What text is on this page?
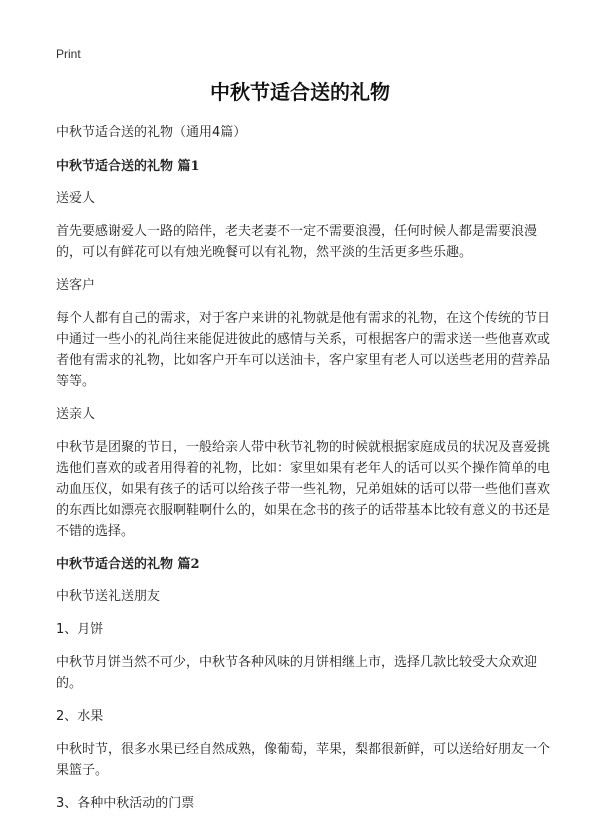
Print
中秋节适合送的礼物

中秋节适合送的礼物（通用4篇）

中秋节适合送的礼物 篇1

送爱人

首先要感谢爱人一路的陪伴，老夫老妻不一定不需要浪漫，任何时候人都是需要浪漫的，可以有鲜花可以有烛光晚餐可以有礼物，然平淡的生活更多些乐趣。

送客户

每个人都有自己的需求，对于客户来讲的礼物就是他有需求的礼物，在这个传统的节日中通过一些小的礼尚往来能促进彼此的感情与关系，可根据客户的需求送一些他喜欢或者他有需求的礼物，比如客户开车可以送油卡，客户家里有老人可以送些老用的营养品等等。

送亲人

中秋节是团聚的节日，一般给亲人带中秋节礼物的时候就根据家庭成员的状况及喜爱挑选他们喜欢的或者用得着的礼物，比如：家里如果有老年人的话可以买个操作简单的电动血压仪，如果有孩子的话可以给孩子带一些礼物，兄弟姐妹的话可以带一些他们喜欢的东西比如漂亮衣服啊鞋啊什么的，如果在念书的孩子的话带基本比较有意义的书还是不错的选择。

中秋节适合送的礼物 篇2

中秋节送礼送朋友

1、月饼

中秋节月饼当然不可少，中秋节各种风味的月饼相继上市，选择几款比较受大众欢迎的。

2、水果

中秋时节，很多水果已经自然成熟，像葡萄，苹果，梨都很新鲜，可以送给好朋友一个果篮子。

3、各种中秋活动的门票
